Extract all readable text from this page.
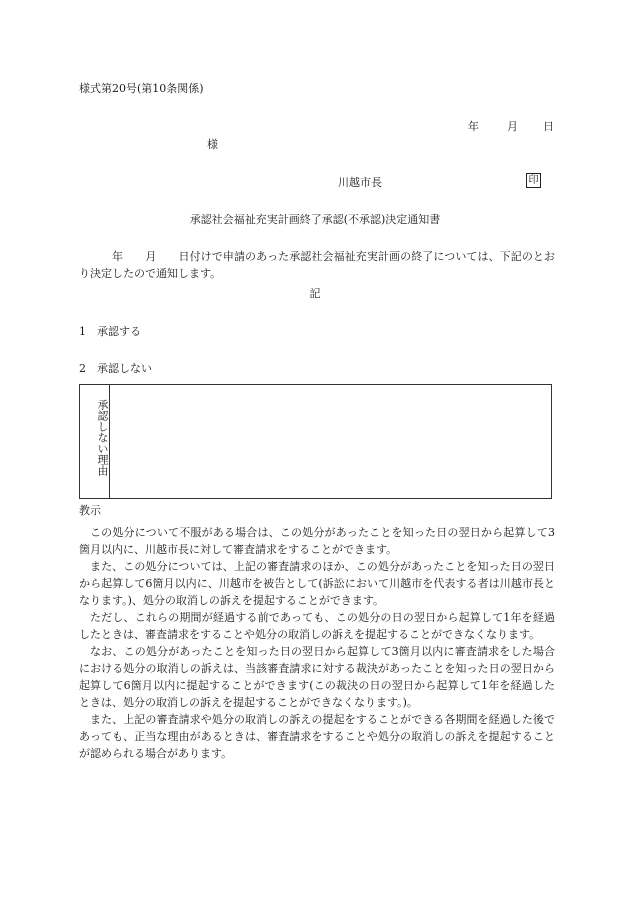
様式第20号(第10条関係)
年	月 日
様
川越市長	印
承認社会福祉充実計画終了承認(不承認)決定通知書
年　　月　　日付けで申請のあった承認社会福祉充実計画の終了については、下記のとおり決定したので通知します。
記
1　 承認する
2　 承認しない
承認しない理由
教示

この処分について不服がある場合は、この処分があったことを知った日の翌日から起算して3箇月以内に、川越市長に対して審査請求をすることができます。

また、この処分については、上記の審査請求のほか、この処分があったことを知った日の翌日から起算して6箇月以内に、川越市を被告として(訴訟において川越市を代表する者は川越市長となります。)、処分の取消しの訴えを提起することができます。

ただし、これらの期間が経過する前であっても、この処分の日の翌日から起算して1年を経過したときは、審査請求をすることや処分の取消しの訴えを提起することができなくなります。

なお、この処分があったことを知った日の翌日から起算して3箇月以内に審査請求をした場合における処分の取消しの訴えは、当該審査請求に対する裁決があったことを知った日の翌日から起算して6箇月以内に提起することができます(この裁決の日の翌日から起算して1年を経過したときは、処分の取消しの訴えを提起することができなくなります。)。

また、上記の審査請求や処分の取消しの訴えの提起をすることができる各期間を経過した後であっても、正当な理由があるときは、審査請求をすることや処分の取消しの訴えを提起することが認められる場合があります。
